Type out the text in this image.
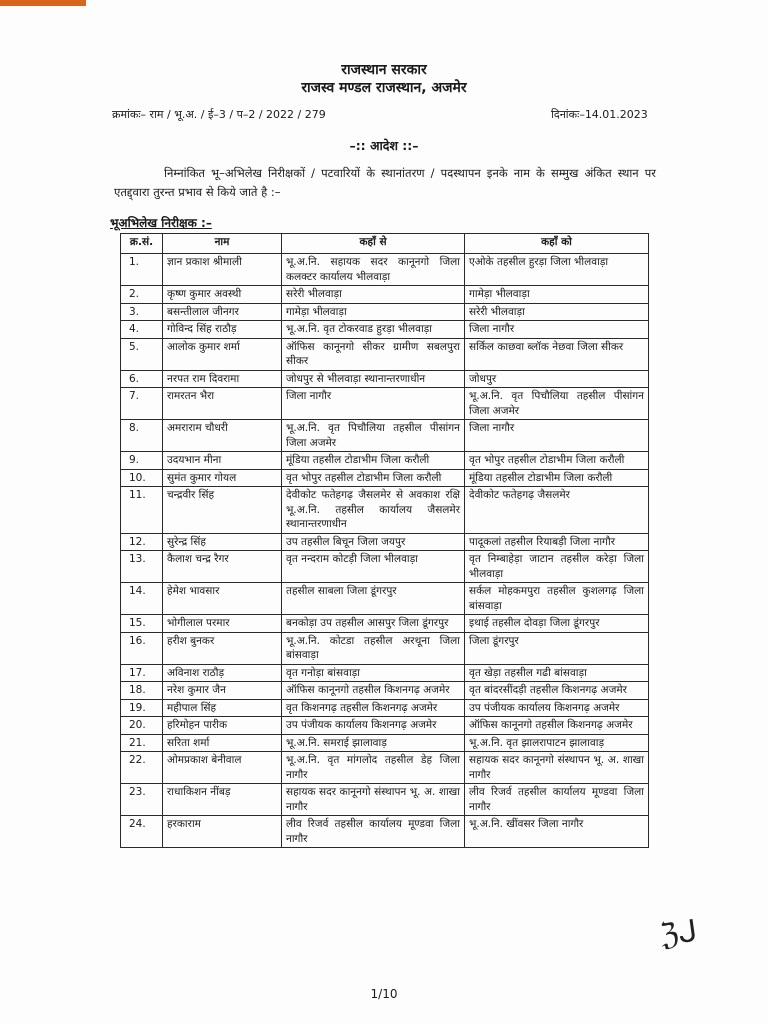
राजस्थान सरकार
राजस्व मण्डल राजस्थान, अजमेर
क्रमांकः– राम / भू.अ. / ई–3 / प–2 / 2022 / 279	दिनांकः–14.01.2023
–:: आदेश ::–
निम्नांकित भू–अभिलेख निरीक्षकों / पटवारियों के स्थानांतरण / पदस्थापन इनके नाम के सम्मुख अंकित स्थान पर एतद्द्वारा तुरन्त प्रभाव से किये जाते है :–
भूअभिलेख निरीक्षक :–
क्र.सं.	नाम	कहाँ से	कहाँ को
1.	ज्ञान प्रकाश श्रीमाली	भू.अ.नि. सहायक सदर कानूनगो जिला कलक्टर कार्यालय भीलवाड़ा	एओके तहसील हुरड़ा जिला भीलवाड़ा
2.	कृष्ण कुमार अवस्थी	सरेरी भीलवाड़ा	गामेड़ा भीलवाड़ा
3.	बसन्तीलाल जीनगर	गामेड़ा भीलवाड़ा	सरेरी भीलवाड़ा
4.	गोविन्द सिंह राठौड़	भू.अ.नि. वृत टोकरवाड हुरड़ा भीलवाड़ा	जिला नागौर
5.	आलोक कुमार शर्मा	ऑफिस कानूनगो सीकर ग्रामीण सबलपुरा सीकर	सर्किल काछवा ब्लॉक नेछवा जिला सीकर
6.	नरपत राम दिवरामा	जोधपुर से भीलवाड़ा स्थानान्तरणाधीन	जोधपुर
7.	रामरतन भैरा	जिला नागौर	भू.अ.नि. वृत पिचौलिया तहसील पीसांगन जिला अजमेर
8.	अमराराम चौधरी	भू.अ.नि. वृत पिचौलिया तहसील पीसांगन जिला अजमेर	जिला नागौर
9.	उदयभान मीना	मूंडिया तहसील टोडाभीम जिला करौली	वृत भोपुर तहसील टोडाभीम जिला करौली
10.	सुमंत कुमार गोयल	वृत भोपुर तहसील टोडाभीम जिला करौली	मूंडिया तहसील टोडाभीम जिला करौली
11.	चन्द्रवीर सिंह	देवीकोट फतेहगढ़ जैसलमेर से अवकाश रक्षि भू.अ.नि. तहसील कार्यालय जैसलमेर स्थानान्तरणाधीन	देवीकोट फतेहगढ़ जैसलमेर
12.	सुरेन्द्र सिंह	उप तहसील बिचून जिला जयपुर	पादूकलां तहसील रियाबड़ी जिला नागौर
13.	कैलाश चन्द्र रैगर	वृत नन्दराम कोटड़ी जिला भीलवाड़ा	वृत निम्बाहेड़ा जाटान तहसील करेड़ा जिला भीलवाड़ा
14.	हेमेश भावसार	तहसील साबला जिला डूंगरपुर	सर्कल मोहकमपुरा तहसील कुशलगढ़ जिला बांसवाड़ा
15.	भोगीलाल परमार	बनकोड़ा उप तहसील आसपुर जिला डूंगरपुर	इथाई तहसील दोवड़ा जिला डूंगरपुर
16.	हरीश बुनकर	भू.अ.नि. कोटडा तहसील अरथूना जिला बांसवाड़ा	जिला डूंगरपुर
17.	अविनाश राठौड़	वृत गनोड़ा बांसवाड़ा	वृत खेड़ा तहसील गढी बांसवाड़ा
18.	नरेश कुमार जैन	ऑफिस कानूनगो तहसील किशनगढ़ अजमेर	वृत बांदरसींदड़ी तहसील किशनगढ़ अजमेर
19.	महीपाल सिंह	वृत किशनगढ़ तहसील किशनगढ़ अजमेर	उप पंजीयक कार्यालय किशनगढ़ अजमेर
20.	हरिमोहन पारीक	उप पंजीयक कार्यालय किशनगढ़ अजमेर	ऑफिस कानूनगो तहसील किशनगढ़ अजमेर
21.	सरिता शर्मा	भू.अ.नि. समराई झालावाड़	भू.अ.नि. वृत झालरापाटन झालावाड़
22.	ओमप्रकाश बेनीवाल	भू.अ.नि. वृत मांगलोद तहसील डेह जिला नागौर	सहायक सदर कानूनगो संस्थापन भू. अ. शाखा नागौर
23.	राधाकिशन नींबड़	सहायक सदर कानूनगो संस्थापन भू. अ. शाखा नागौर	लीव रिजर्व तहसील कार्यालय मूण्डवा जिला नागौर
24.	हरकाराम	लीव रिजर्व तहसील कार्यालय मूण्डवा जिला नागौर	भू.अ.नि. खींवसर जिला नागौर
ℨᒍ
1/10
